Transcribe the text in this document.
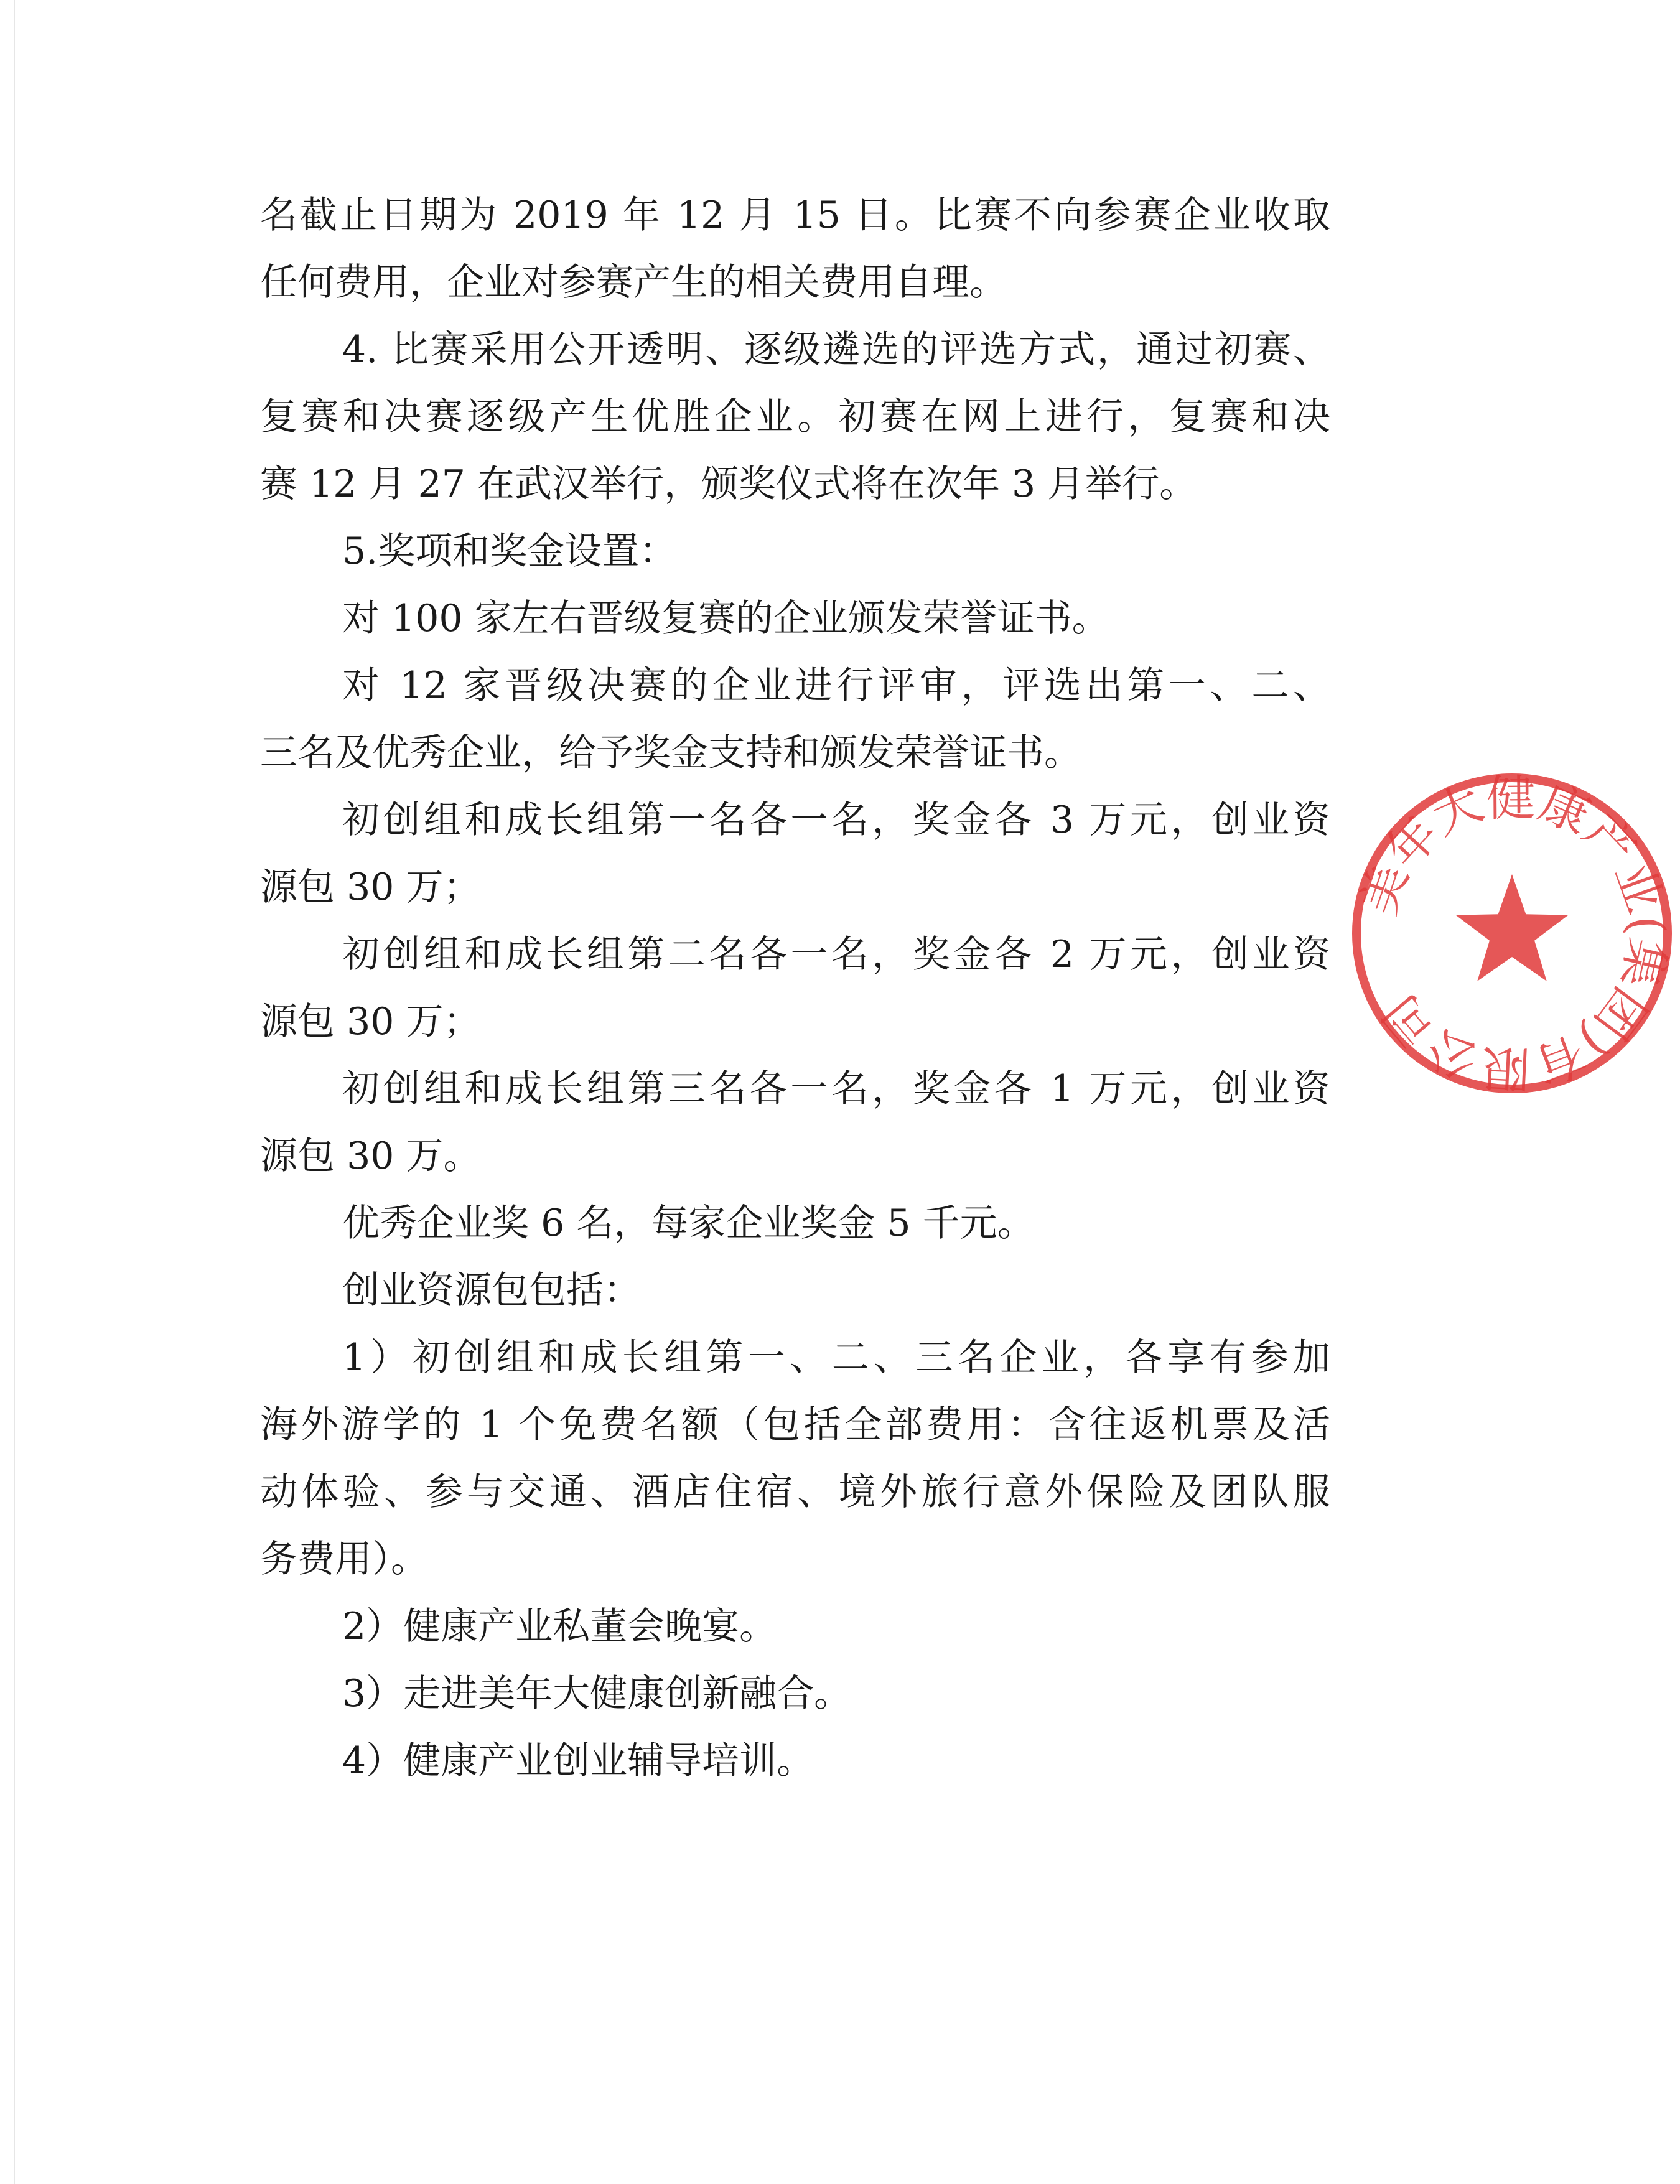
名截止日期为 2019 年 12 月 15 日。比赛不向参赛企业收取
任何费用，企业对参赛产生的相关费用自理。
4. 比赛采用公开透明、逐级遴选的评选方式，通过初赛、
复赛和决赛逐级产生优胜企业。初赛在网上进行，复赛和决
赛 12 月 27 在武汉举行，颁奖仪式将在次年 3 月举行。
5.奖项和奖金设置：
对 100 家左右晋级复赛的企业颁发荣誉证书。
对 12 家晋级决赛的企业进行评审，评选出第一、二、
三名及优秀企业，给予奖金支持和颁发荣誉证书。
初创组和成长组第一名各一名，奖金各 3 万元，创业资
源包 30 万；
初创组和成长组第二名各一名，奖金各 2 万元，创业资
源包 30 万；
初创组和成长组第三名各一名，奖金各 1 万元，创业资
源包 30 万。
优秀企业奖 6 名，每家企业奖金 5 千元。
创业资源包包括：
1）初创组和成长组第一、二、三名企业，各享有参加
海外游学的 1 个免费名额（包括全部费用：含往返机票及活
动体验、参与交通、酒店住宿、境外旅行意外保险及团队服
务费用）。
2）健康产业私董会晚宴。
3）走进美年大健康创新融合。
4）健康产业创业辅导培训。
美年大健康产业(集团)有限公司
